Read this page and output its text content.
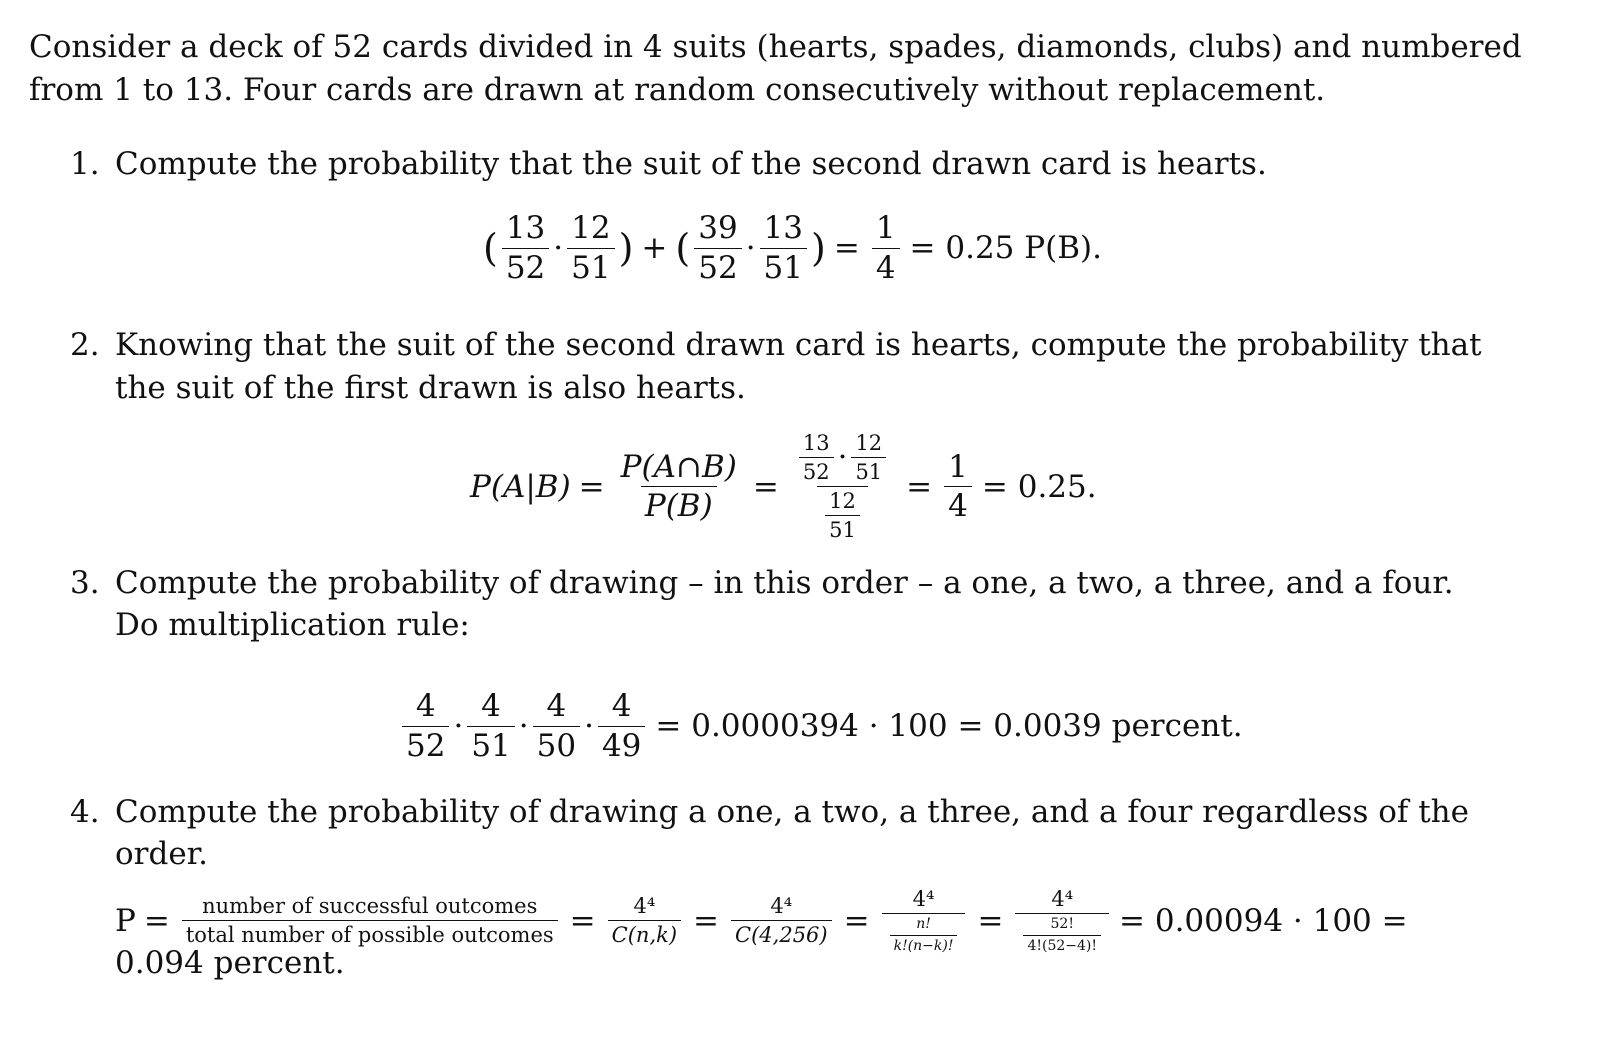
Consider a deck of 52 cards divided in 4 suits (hearts, spades, diamonds, clubs) and numbered
from 1 to 13. Four cards are drawn at random consecutively without replacement.
1. Compute the probability that the suit of the second drawn card is hearts.
( $\frac{13}{52} \cdot \frac{12}{51}$ ) + ( $\frac{39}{52} \cdot \frac{13}{51}$ ) = $\frac{1}{4} = 0.25$ P(B).
2. Knowing that the suit of the second drawn card is hearts, compute the probability that
the suit of the first drawn is also hearts.
$P(A|B) = \frac{P(A\cap B)}{P(B)} = \frac{\frac{13}{52} \cdot \frac{12}{51}}{\frac{12}{51}} = \frac{1}{4} = 0.25$.
3. Compute the probability of drawing – in this order – a one, a two, a three, and a four.
Do multiplication rule:
$\frac{4}{52} \cdot \frac{4}{51} \cdot \frac{4}{50} \cdot \frac{4}{49} = 0.0000394 \cdot 100 = 0.0039$ percent.
4. Compute the probability of drawing a one, a two, a three, and a four regardless of the
order.
$P = \frac{\text{number of successful outcomes}}{\text{total number of possible outcomes}} = \frac{\text{4⁴}}{C(n,k)} = \frac{\text{4⁴}}{C(4,256)} = \frac{\text{4⁴}}{\frac{n!}{k!(n-k)!}} = \frac{\text{4⁴}}{\frac{52!}{4!(52-4)!}} = 0.00094 \cdot 100$ =
0.094 percent.
